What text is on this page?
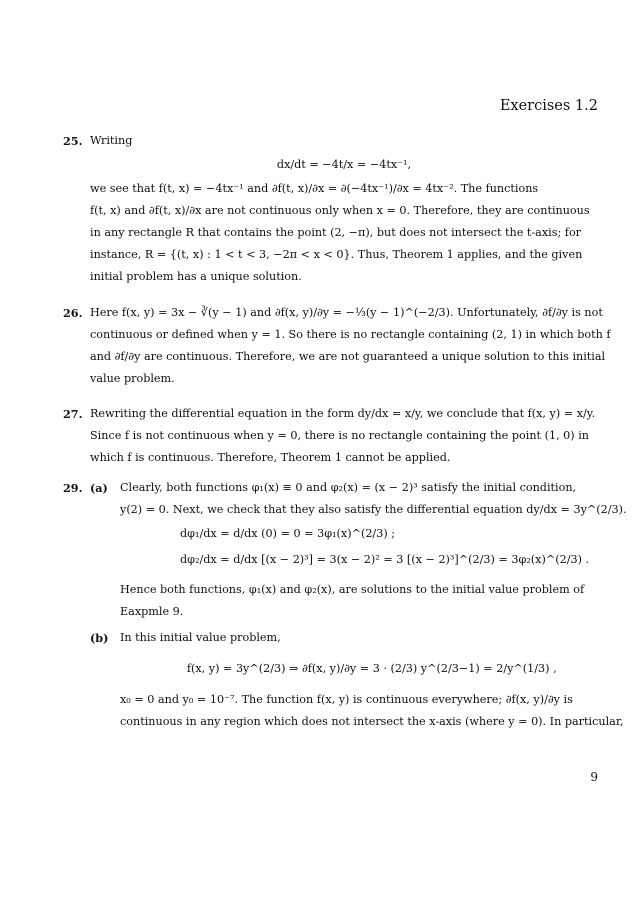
Exercises 1.2
25. Writing
dx/dt = −4t/x = −4tx⁻¹,
we see that f(t, x) = −4tx⁻¹ and ∂f(t, x)/∂x = ∂(−4tx⁻¹)/∂x = 4tx⁻². The functions
f(t, x) and ∂f(t, x)/∂x are not continuous only when x = 0. Therefore, they are continuous
in any rectangle R that contains the point (2, −π), but does not intersect the t-axis; for
instance, R = {(t, x) : 1 < t < 3, −2π < x < 0}. Thus, Theorem 1 applies, and the given
initial problem has a unique solution.
26. Here f(x, y) = 3x − ∛(y − 1) and ∂f(x, y)/∂y = −⅓(y − 1)^(−2/3). Unfortunately, ∂f/∂y is not
continuous or defined when y = 1. So there is no rectangle containing (2, 1) in which both f
and ∂f/∂y are continuous. Therefore, we are not guaranteed a unique solution to this initial
value problem.
27. Rewriting the differential equation in the form dy/dx = x/y, we conclude that f(x, y) = x/y.
Since f is not continuous when y = 0, there is no rectangle containing the point (1, 0) in
which f is continuous. Therefore, Theorem 1 cannot be applied.
29. (a)	Clearly, both functions φ₁(x) ≡ 0 and φ₂(x) = (x − 2)³ satisfy the initial condition,
y(2) = 0. Next, we check that they also satisfy the differential equation dy/dx = 3y^(2/3).
dφ₁/dx = d/dx (0) = 0 = 3φ₁(x)^(2/3) ;
dφ₂/dx = d/dx [(x − 2)³] = 3(x − 2)² = 3 [(x − 2)³]^(2/3) = 3φ₂(x)^(2/3) .
Hence both functions, φ₁(x) and φ₂(x), are solutions to the initial value problem of
Eaxpmle 9.
(b)	In this initial value problem,
f(x, y) = 3y^(2/3) ⇒ ∂f(x, y)/∂y = 3 · (2/3) y^(2/3−1) = 2/y^(1/3) ,
x₀ = 0 and y₀ = 10⁻⁷. The function f(x, y) is continuous everywhere; ∂f(x, y)/∂y is
continuous in any region which does not intersect the x-axis (where y = 0). In particular,
9
